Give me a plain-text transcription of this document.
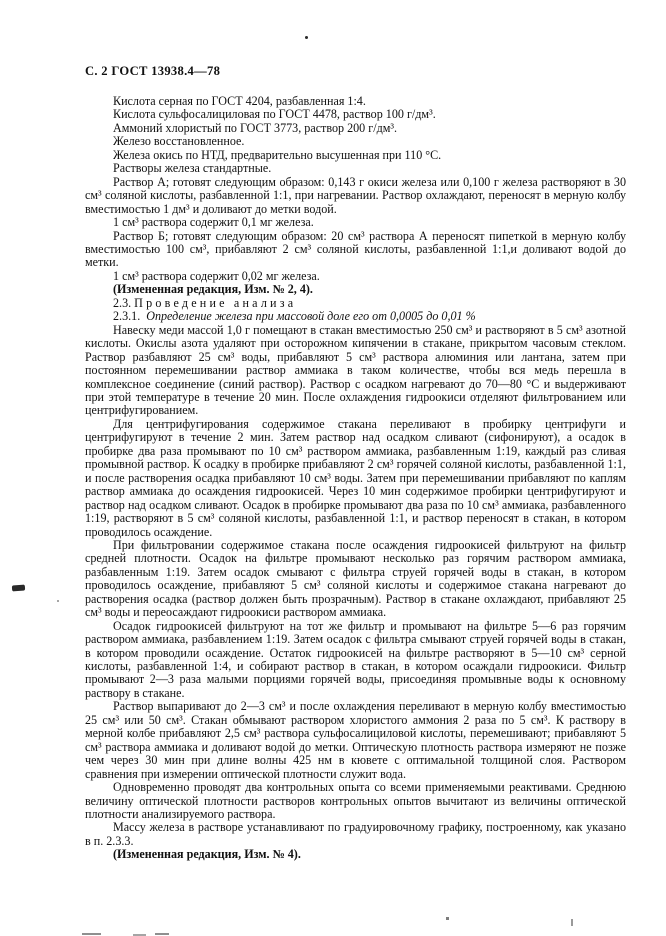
С. 2 ГОСТ 13938.4—78

Кислота серная по ГОСТ 4204, разбавленная 1:4.

Кислота сульфосалициловая по ГОСТ 4478, раствор 100 г/дм³.

Аммоний хлористый по ГОСТ 3773, раствор 200 г/дм³.

Железо восстановленное.

Железа окись по НТД, предварительно высушенная при 110 °С.

Растворы железа стандартные.

Раствор А; готовят следующим образом: 0,143 г окиси железа или 0,100 г железа растворяют в 30 см³ соляной кислоты, разбавленной 1:1, при нагревании. Раствор охлаждают, переносят в мерную колбу вместимостью 1 дм³ и доливают до метки водой.

1 см³ раствора содержит 0,1 мг железа.

Раствор Б; готовят следующим образом: 20 см³ раствора А переносят пипеткой в мерную колбу вместимостью 100 см³, прибавляют 2 см³ соляной кислоты, разбавленной 1:1,и доливают водой до метки.

1 см³ раствора содержит 0,02 мг железа.

(Измененная редакция, Изм. № 2, 4).

2.3. Проведение анализа

2.3.1. Определение железа при массовой доле его от 0,0005 до 0,01 %

Навеску меди массой 1,0 г помещают в стакан вместимостью 250 см³ и растворяют в 5 см³ азотной кислоты. Окислы азота удаляют при осторожном кипячении в стакане, прикрытом часовым стеклом. Раствор разбавляют 25 см³ воды, прибавляют 5 см³ раствора алюминия или лантана, затем при постоянном перемешивании раствор аммиака в таком количестве, чтобы вся медь перешла в комплексное соединение (синий раствор). Раствор с осадком нагревают до 70—80 °С и выдерживают при этой температуре в течение 20 мин. После охлаждения гидроокиси отделяют фильтрованием или центрифугированием.

Для центрифугирования содержимое стакана переливают в пробирку центрифуги и центрифугируют в течение 2 мин. Затем раствор над осадком сливают (сифонируют), а осадок в пробирке два раза промывают по 10 см³ раствором аммиака, разбавленным 1:19, каждый раз сливая промывной раствор. К осадку в пробирке прибавляют 2 см³ горячей соляной кислоты, разбавленной 1:1, и после растворения осадка прибавляют 10 см³ воды. Затем при перемешивании прибавляют по каплям раствор аммиака до осаждения гидроокисей. Через 10 мин содержимое пробирки центрифугируют и раствор над осадком сливают. Осадок в пробирке промывают два раза по 10 см³ аммиака, разбавленного 1:19, растворяют в 5 см³ соляной кислоты, разбавленной 1:1, и раствор переносят в стакан, в котором проводилось осаждение.

При фильтровании содержимое стакана после осаждения гидроокисей фильтруют на фильтр средней плотности. Осадок на фильтре промывают несколько раз горячим раствором аммиака, разбавленным 1:19. Затем осадок смывают с фильтра струей горячей воды в стакан, в котором проводилось осаждение, прибавляют 5 см³ соляной кислоты и содержимое стакана нагревают до растворения осадка (раствор должен быть прозрачным). Раствор в стакане охлаждают, прибавляют 25 см³ воды и переосаждают гидроокиси раствором аммиака.

Осадок гидроокисей фильтруют на тот же фильтр и промывают на фильтре 5—6 раз горячим раствором аммиака, разбавлением 1:19. Затем осадок с фильтра смывают струей горячей воды в стакан, в котором проводили осаждение. Остаток гидроокисей на фильтре растворяют в 5—10 см³ серной кислоты, разбавленной 1:4, и собирают раствор в стакан, в котором осаждали гидроокиси. Фильтр промывают 2—3 раза малыми порциями горячей воды, присоединяя промывные воды к основному раствору в стакане.

Раствор выпаривают до 2—3 см³ и после охлаждения переливают в мерную колбу вместимостью 25 см³ или 50 см³. Стакан обмывают раствором хлористого аммония 2 раза по 5 см³. К раствору в мерной колбе прибавляют 2,5 см³ раствора сульфосалициловой кислоты, перемешивают; прибавляют 5 см³ раствора аммиака и доливают водой до метки. Оптическую плотность раствора измеряют не позже чем через 30 мин при длине волны 425 нм в кювете с оптимальной толщиной слоя. Раствором сравнения при измерении оптической плотности служит вода.

Одновременно проводят два контрольных опыта со всеми применяемыми реактивами. Среднюю величину оптической плотности растворов контрольных опытов вычитают из величины оптической плотности анализируемого раствора.

Массу железа в растворе устанавливают по градуировочному графику, построенному, как указано в п. 2.3.3.

(Измененная редакция, Изм. № 4).
